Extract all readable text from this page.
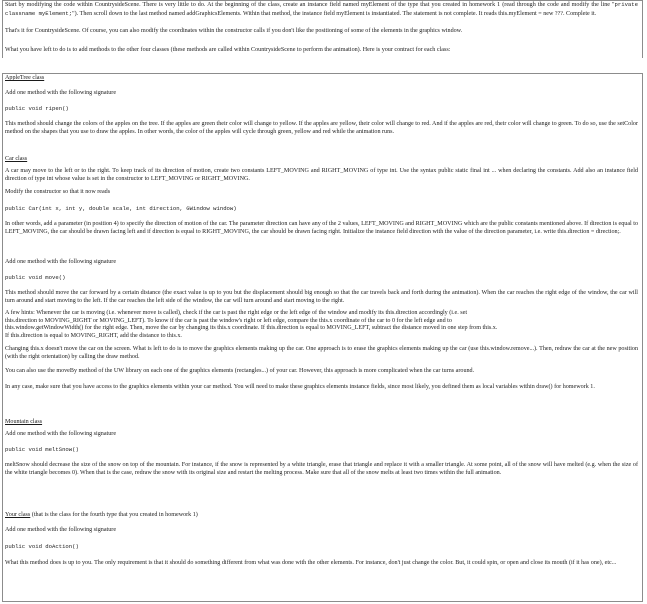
Start by modifying the code within CountrysideScene. There is very little to do. At the beginning of the class, create an instance field named myElement of the type that you created in homework 1 (read through the code and modify the line "private classname myElement;"). Then scroll down to the last method named addGraphicsElements. Within that method, the instance field myElement is instantiated. The statement is not complete. It reads this.myElement = new ???. Complete it.

That's it for CountrysideScene. Of course, you can also modify the coordinates within the constructor calls if you don't like the positioning of some of the elements in the graphics window.

What you have left to do is to add methods to the other four classes (these methods are called within CountrysideScene to perform the animation). Here is your contract for each class:

AppleTree class

Add one method with the following signature

public void ripen()

This method should change the colors of the apples on the tree. If the apples are green their color will change to yellow. If the apples are yellow, their color will change to red. And if the apples are red, their color will change to green. To do so, use the setColor method on the shapes that you use to draw the apples. In other words, the color of the apples will cycle through green, yellow and red while the animation runs.

Car class

A car may move to the left or to the right. To keep track of its direction of motion, create two constants LEFT_MOVING and RIGHT_MOVING of type int. Use the syntax public static final int ... when declaring the constants. Add also an instance field direction of type int whose value is set in the constructor to LEFT_MOVING or RIGHT_MOVING.

Modify the constructor so that it now reads

public Car(int x, int y, double scale, int direction, GWindow window)

In other words, add a parameter (in position 4) to specify the direction of motion of the car. The parameter direction can have any of the 2 values, LEFT_MOVING and RIGHT_MOVING which are the public constants mentioned above. If direction is equal to LEFT_MOVING, the car should be drawn facing left and if direction is equal to RIGHT_MOVING, the car should be drawn facing right. Initialize the instance field direction with the value of the direction parameter, i.e. write this.direction = direction;.

Add one method with the following signature

public void move()

This method should move the car forward by a certain distance (the exact value is up to you but the displacement should big enough so that the car travels back and forth during the animation). When the car reaches the right edge of the window, the car will turn around and start moving to the left. If the car reaches the left side of the window, the car will turn around and start moving to the right.

A few hints: Whenever the car is moving (i.e. whenever move is called), check if the car is past the right edge or the left edge of the window and modify its this.direction accordingly (i.e. set
this.direction to MOVING_RIGHT or MOVING_LEFT). To know if the car is past the window's right or left edge, compare the this.x coordinate of the car to 0 for the left edge and to
this.window.getWindowWidth() for the right edge. Then, move the car by changing its this.x coordinate. If this.direction is equal to MOVING_LEFT, subtract the distance moved in one step from this.x.
If this.direction is equal to MOVING_RIGHT, add the distance to this.x.

Changing this.x doesn't move the car on the screen. What is left to do is to move the graphics elements making up the car. One approach is to erase the graphics elements making up the car (use this.window.remove...). Then, redraw the car at the new position (with the right orientation) by calling the draw method.

You can also use the moveBy method of the UW library on each one of the graphics elements (rectangles...) of your car. However, this approach is more complicated when the car turns around.

In any case, make sure that you have access to the graphics elements within your car method. You will need to make these graphics elements instance fields, since most likely, you defined them as local variables within draw() for homework 1.

Mountain class

Add one method with the following signature

public void meltSnow()

meltSnow should decrease the size of the snow on top of the mountain. For instance, if the snow is represented by a white triangle, erase that triangle and replace it with a smaller triangle. At some point, all of the snow will have melted (e.g. when the size of the white triangle becomes 0). When that is the case, redraw the snow with its original size and restart the melting process. Make sure that all of the snow melts at least two times within the full animation.

Your class (that is the class for the fourth type that you created in homework 1)

Add one method with the following signature

public void doAction()

What this method does is up to you. The only requirement is that it should do something different from what was done with the other elements. For instance, don't just change the color. But, it could spin, or open and close its mouth (if it has one), etc...
